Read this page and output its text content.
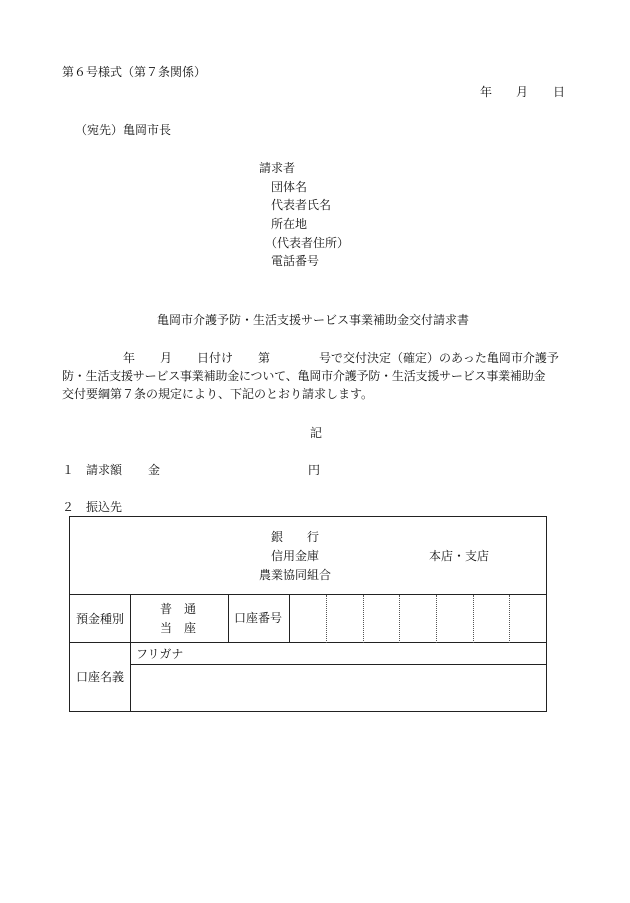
第６号様式（第７条関係）
年 月 日
（宛先）亀岡市長
請求者
団体名
代表者氏名
所在地
（代表者住所）
電話番号
亀岡市介護予防・生活支援サービス事業補助金交付請求書
年 月 日付け 第	号で交付決定（確定）のあった亀岡市介護予
防・生活支援サービス事業補助金について、亀岡市介護予防・生活支援サービス事業補助金
交付要綱第７条の規定により、下記のとおり請求します。
記
１ 請求額 金	円
２ 振込先
銀　　行
信用金庫
農業協同組合
本店・支店
預金種別
普　通
当　座
口座番号
口座名義
フリガナ
